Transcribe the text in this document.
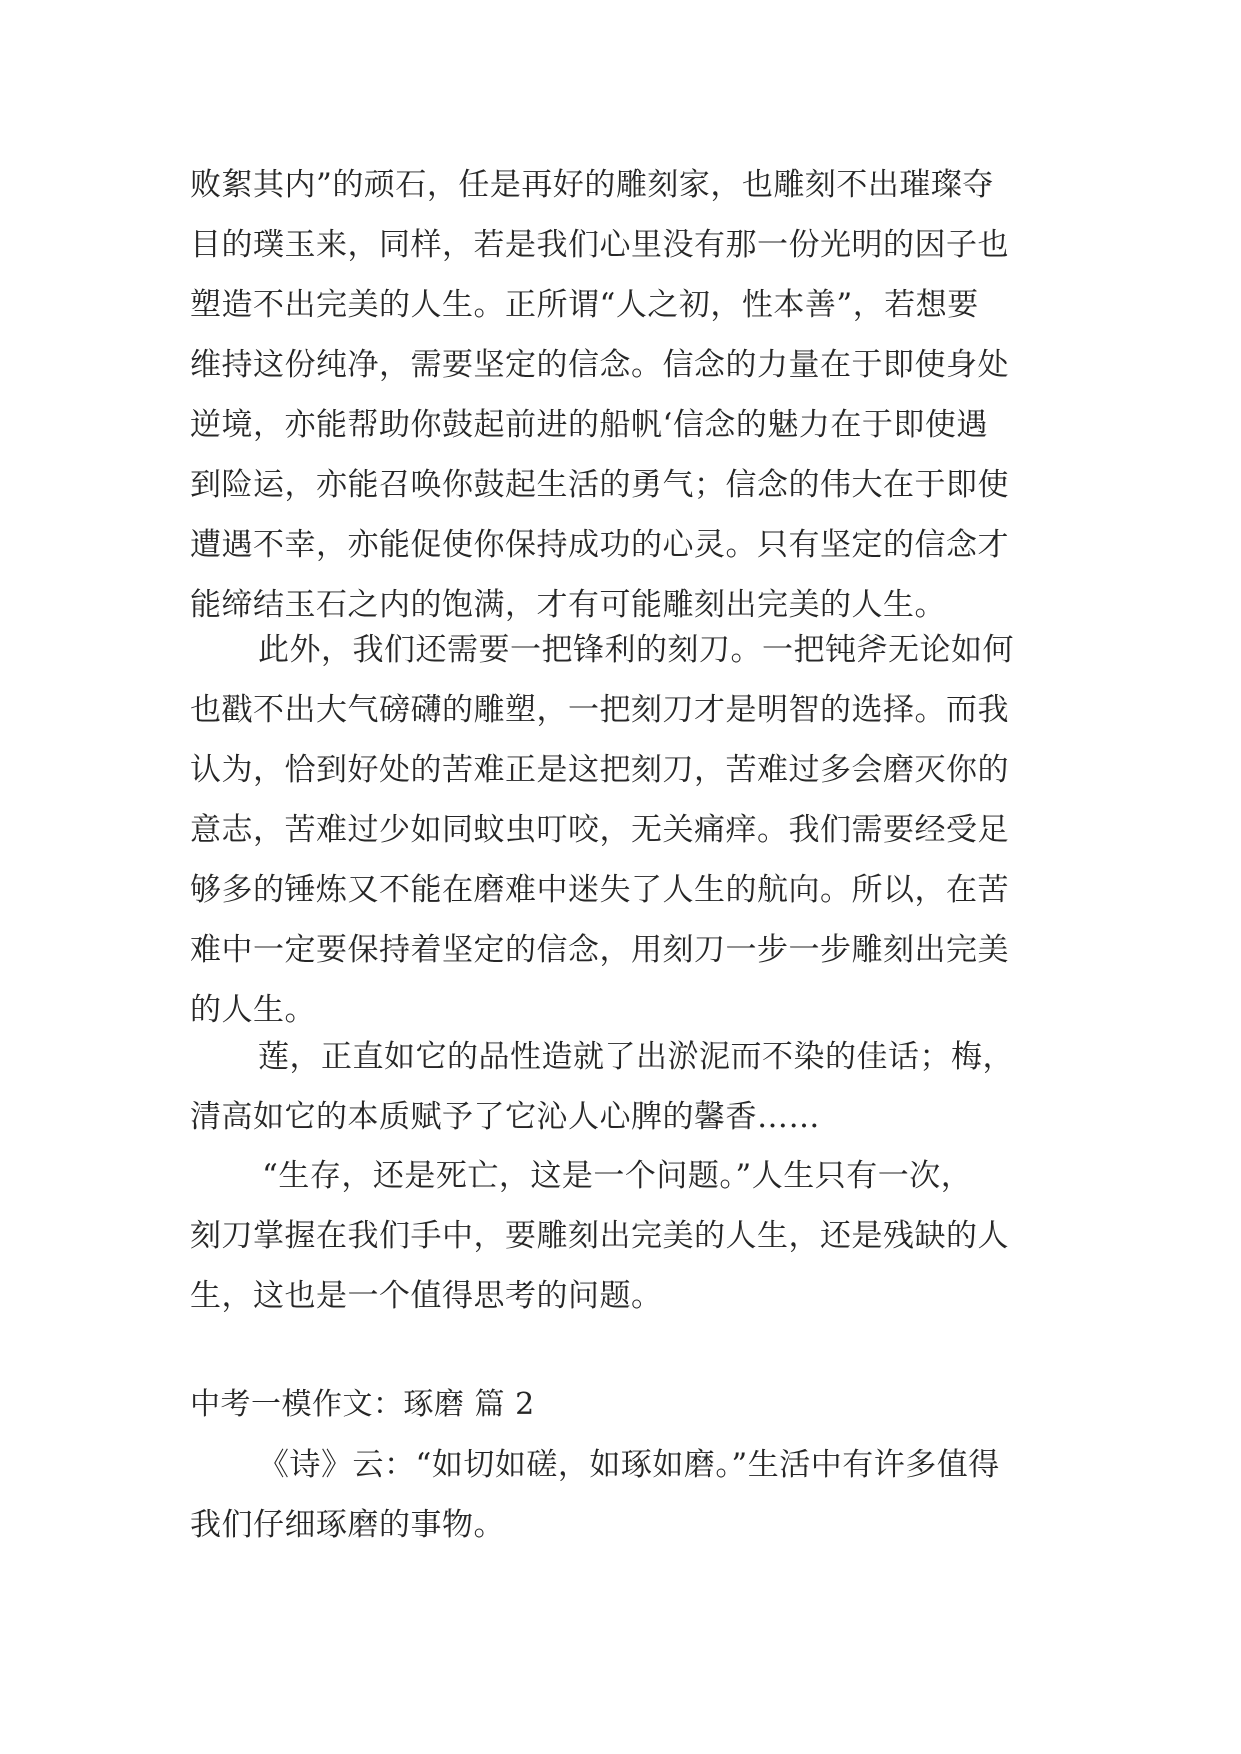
败絮其内”的顽石，任是再好的雕刻家，也雕刻不出璀璨夺
目的璞玉来，同样，若是我们心里没有那一份光明的因子也
塑造不出完美的人生。正所谓“人之初，性本善”，若想要
维持这份纯净，需要坚定的信念。信念的力量在于即使身处
逆境，亦能帮助你鼓起前进的船帆‘信念的魅力在于即使遇
到险运，亦能召唤你鼓起生活的勇气；信念的伟大在于即使
遭遇不幸，亦能促使你保持成功的心灵。只有坚定的信念才
能缔结玉石之内的饱满，才有可能雕刻出完美的人生。
此外，我们还需要一把锋利的刻刀。一把钝斧无论如何
也戳不出大气磅礴的雕塑，一把刻刀才是明智的选择。而我
认为，恰到好处的苦难正是这把刻刀，苦难过多会磨灭你的
意志，苦难过少如同蚊虫叮咬，无关痛痒。我们需要经受足
够多的锤炼又不能在磨难中迷失了人生的航向。所以，在苦
难中一定要保持着坚定的信念，用刻刀一步一步雕刻出完美
的人生。
莲，正直如它的品性造就了出淤泥而不染的佳话；梅，
清高如它的本质赋予了它沁人心脾的馨香……
“生存，还是死亡，这是一个问题。”人生只有一次，
刻刀掌握在我们手中，要雕刻出完美的人生，还是残缺的人
生，这也是一个值得思考的问题。
中考一模作文：琢磨 篇 2
《诗》云：“如切如磋，如琢如磨。”生活中有许多值得
我们仔细琢磨的事物。
